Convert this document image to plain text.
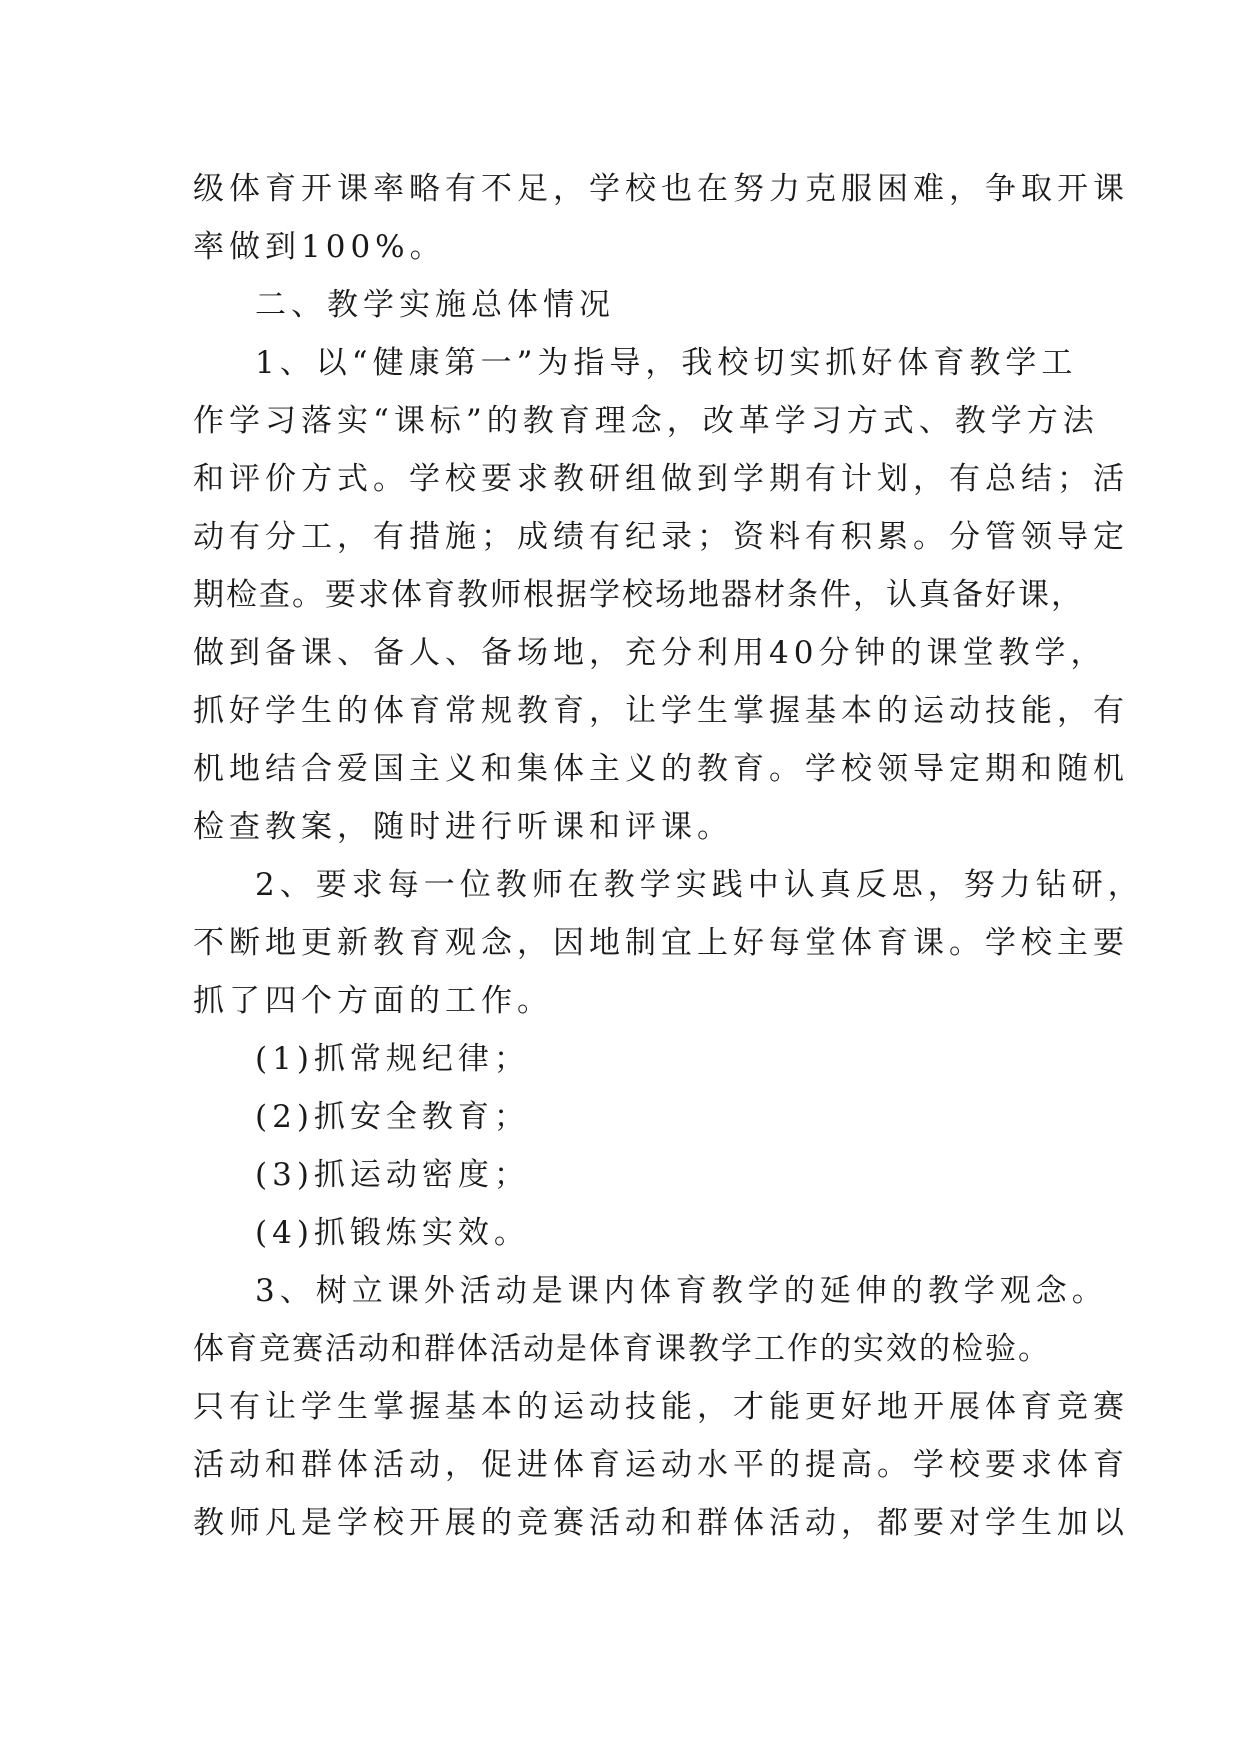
级体育开课率略有不足，学校也在努力克服困难，争取开课
率做到100%。
二、教学实施总体情况
1、以“健康第一”为指导，我校切实抓好体育教学工
作学习落实“课标”的教育理念，改革学习方式、教学方法
和评价方式。学校要求教研组做到学期有计划，有总结；活
动有分工，有措施；成绩有纪录；资料有积累。分管领导定
期检查。要求体育教师根据学校场地器材条件，认真备好课，
做到备课、备人、备场地，充分利用40分钟的课堂教学，
抓好学生的体育常规教育，让学生掌握基本的运动技能，有
机地结合爱国主义和集体主义的教育。学校领导定期和随机
检查教案，随时进行听课和评课。
2、要求每一位教师在教学实践中认真反思，努力钻研，
不断地更新教育观念，因地制宜上好每堂体育课。学校主要
抓了四个方面的工作。
(1)抓常规纪律；
(2)抓安全教育；
(3)抓运动密度；
(4)抓锻炼实效。
3、树立课外活动是课内体育教学的延伸的教学观念。
体育竞赛活动和群体活动是体育课教学工作的实效的检验。
只有让学生掌握基本的运动技能，才能更好地开展体育竞赛
活动和群体活动，促进体育运动水平的提高。学校要求体育
教师凡是学校开展的竞赛活动和群体活动，都要对学生加以
